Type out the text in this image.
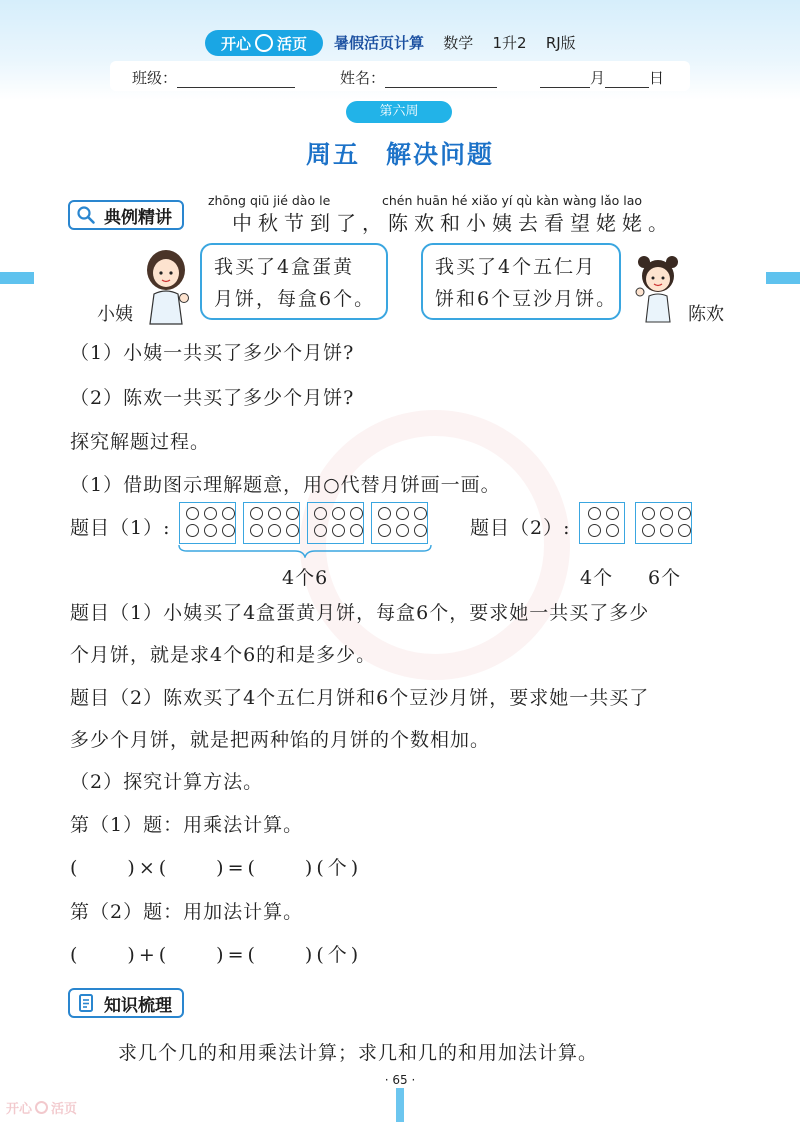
开心 活页 暑假活页计算 数学 1升2 RJ版
班级：	姓名：	月	日
第六周
周五 解决问题
典例精讲
zhōng qiū jié dào le	chén huān hé xiǎo yí qù kàn wàng lǎo lao
中秋节到了，陈欢和小姨去看望姥姥。
小姨
我买了4盒蛋黄
月饼，每盒6个。
我买了4个五仁月
饼和6个豆沙月饼。
陈欢
（1）小姨一共买了多少个月饼?
（2）陈欢一共买了多少个月饼?
探究解题过程。
（1）借助图示理解题意，用○代替月饼画一画。
题目（1）:
4个6
题目（2）:
4个 6个
题目（1）小姨买了4盒蛋黄月饼，每盒6个，要求她一共买了多少
个月饼，就是求4个6的和是多少。
题目（2）陈欢买了4个五仁月饼和6个豆沙月饼，要求她一共买了
多少个月饼，就是把两种馅的月饼的个数相加。
（2）探究计算方法。
第（1）题：用乘法计算。
(　　)×(　　)=(　　)(个)
第（2）题：用加法计算。
(　　)+(　　)=(　　)(个)
知识梳理
求几个几的和用乘法计算；求几和几的和用加法计算。
· 65 ·
开心 活页
